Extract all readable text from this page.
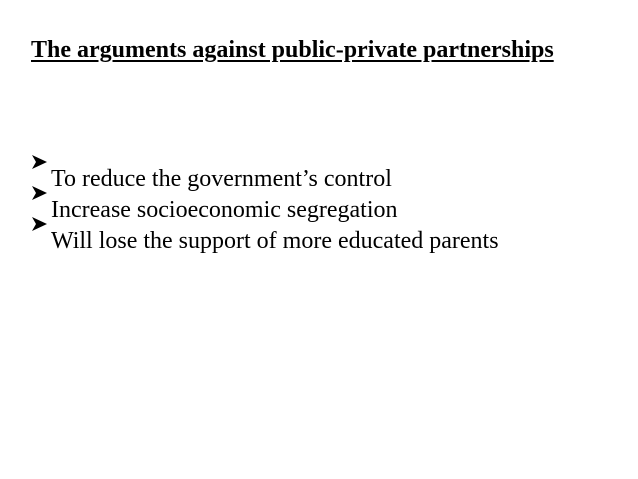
The arguments against public-private partnerships
To reduce the government’s control
Increase socioeconomic segregation
Will lose the support of more educated parents
